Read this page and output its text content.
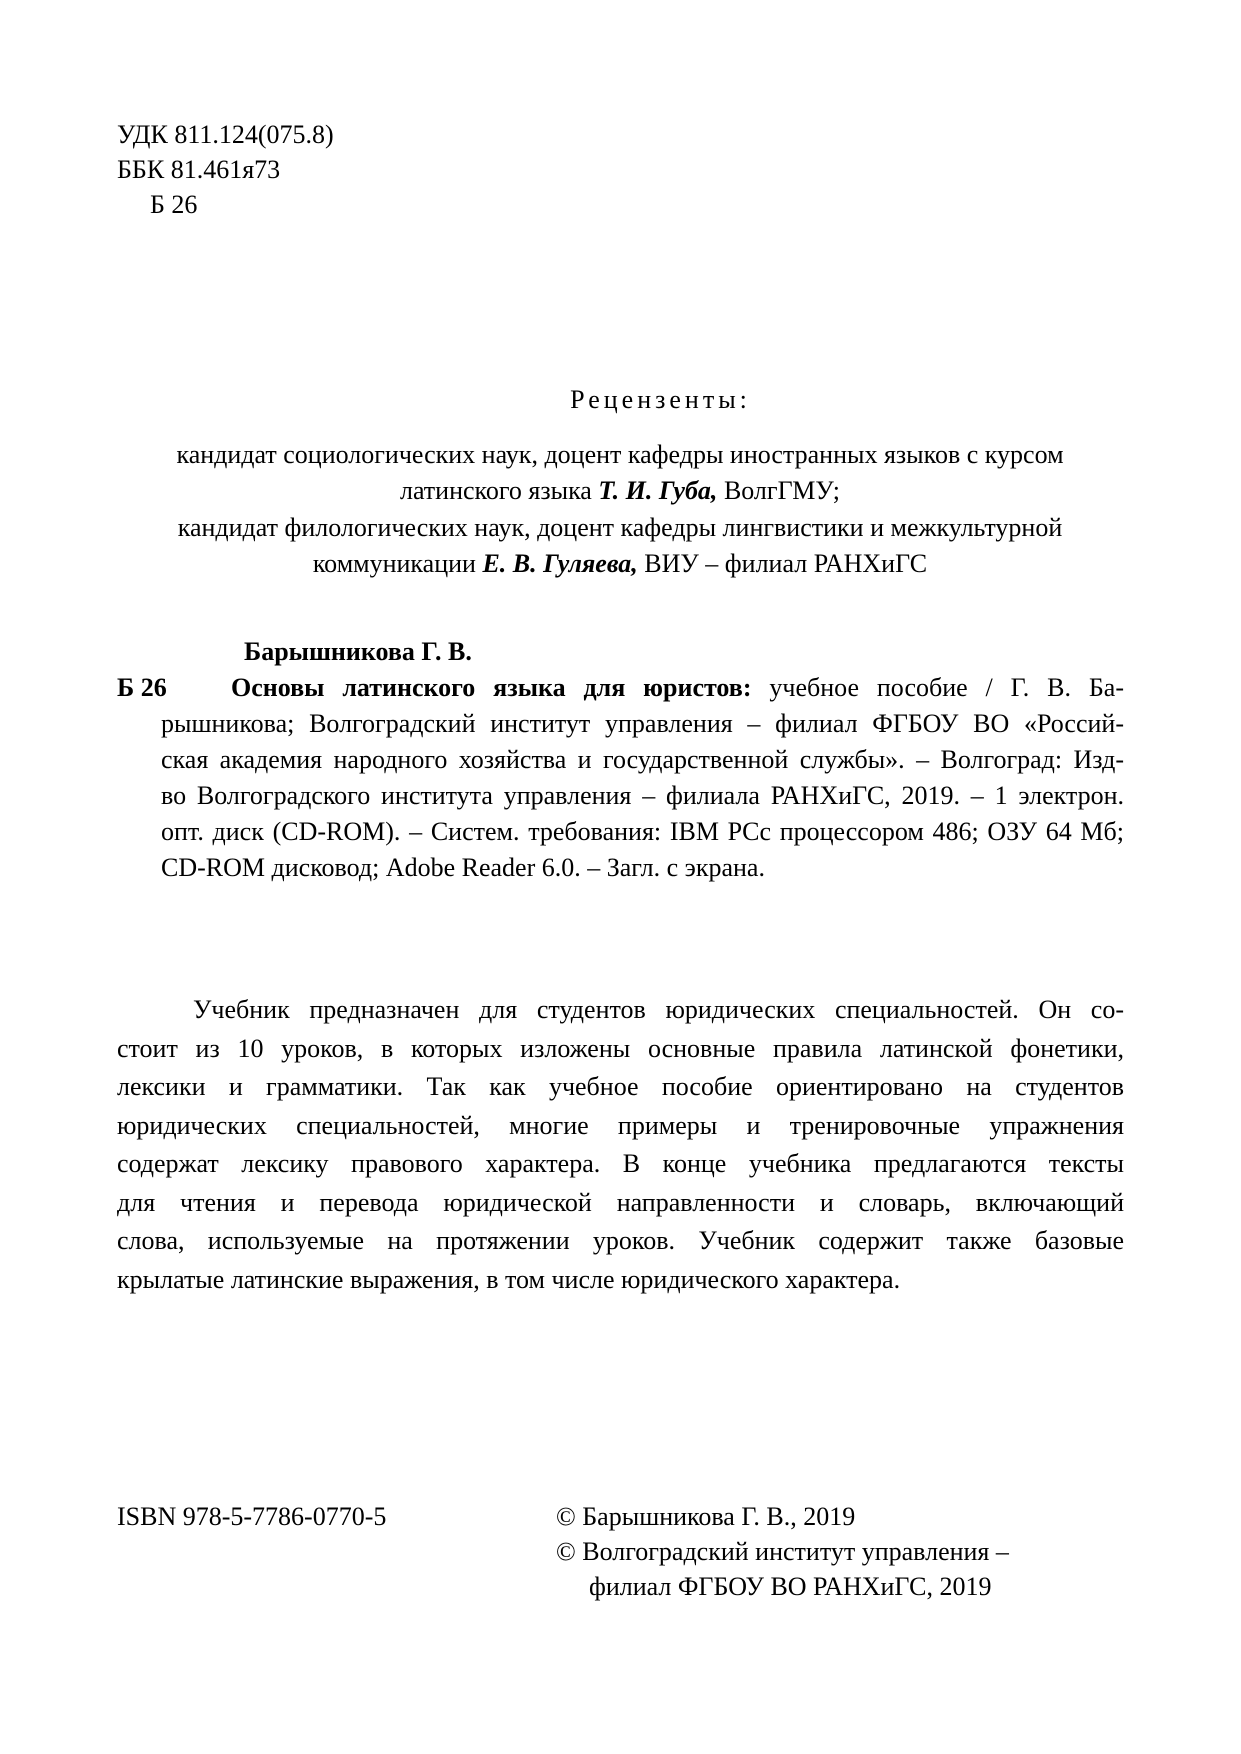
УДК 811.124(075.8)
ББК 81.461я73
Б 26
Рецензенты:
кандидат социологических наук, доцент кафедры иностранных языков с курсом
латинского языка Т. И. Губа, ВолгГМУ;
кандидат филологических наук, доцент кафедры лингвистики и межкультурной
коммуникации Е. В. Гуляева, ВИУ – филиал РАНХиГС
Барышникова Г. В.
Б 26 Основы латинского языка для юристов: учебное пособие / Г. В. Ба-
рышникова; Волгоградский институт управления – филиал ФГБОУ ВО «Россий-
ская академия народного хозяйства и государственной службы». – Волгоград: Изд-
во Волгоградского института управления – филиала РАНХиГС, 2019. – 1 электрон.
опт. диск (CD-ROM). – Систем. требования: IBM PCс процессором 486; ОЗУ 64 Мб;
CD-ROM дисковод; Adobe Reader 6.0. – Загл. с экрана.
Учебник предназначен для студентов юридических специальностей. Он со-
стоит из 10 уроков, в которых изложены основные правила латинской фонетики,
лексики и грамматики. Так как учебное пособие ориентировано на студентов
юридических специальностей, многие примеры и тренировочные упражнения
содержат лексику правового характера. В конце учебника предлагаются тексты
для чтения и перевода юридической направленности и словарь, включающий
слова, используемые на протяжении уроков. Учебник содержит также базовые
крылатые латинские выражения, в том числе юридического характера.
ISBN 978-5-7786-0770-5	© Барышникова Г. В., 2019
© Волгоградский институт управления –
филиал ФГБОУ ВО РАНХиГС, 2019
